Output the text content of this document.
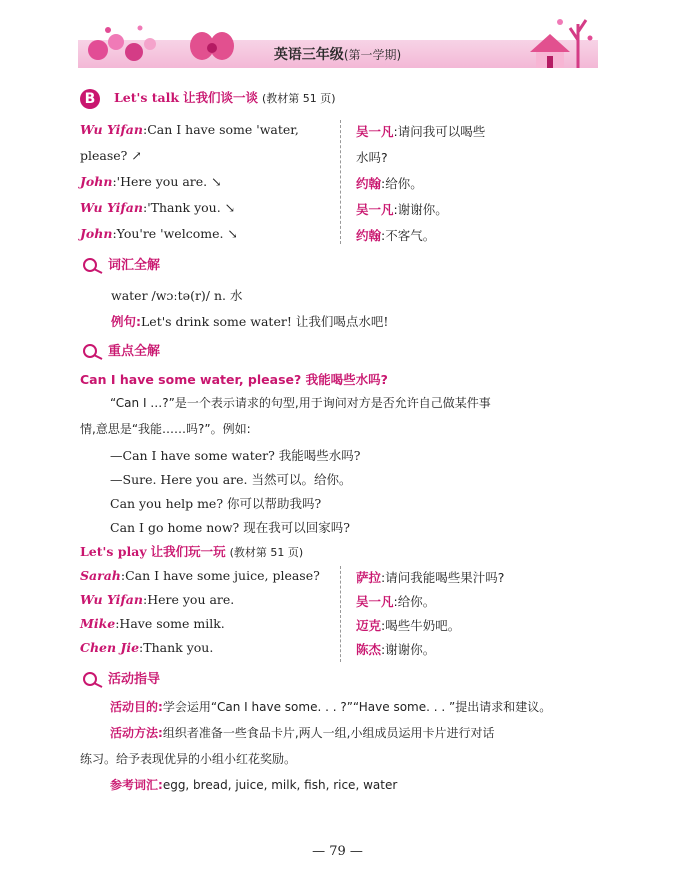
英语三年级(第一学期)
B Let's talk 让我们谈一谈 (教材第 51 页)
Wu Yifan:Can I have some 'water,
please? ↗
John:'Here you are. ↘
Wu Yifan:'Thank you. ↘
John:You're 'welcome. ↘
吴一凡:请问我可以喝些
水吗?
约翰:给你。
吴一凡:谢谢你。
约翰:不客气。
词汇全解
water /wɔːtə(r)/ n. 水
例句:Let's drink some water! 让我们喝点水吧!
重点全解
Can I have some water, please? 我能喝些水吗?
“Can I …?”是一个表示请求的句型,用于询问对方是否允许自己做某件事
情,意思是“我能……吗?”。例如:
—Can I have some water? 我能喝些水吗?
—Sure. Here you are. 当然可以。给你。
Can you help me? 你可以帮助我吗?
Can I go home now? 现在我可以回家吗?
Let's play 让我们玩一玩 (教材第 51 页)
Sarah:Can I have some juice, please?
Wu Yifan:Here you are.
Mike:Have some milk.
Chen Jie:Thank you.
萨拉:请问我能喝些果汁吗?
吴一凡:给你。
迈克:喝些牛奶吧。
陈杰:谢谢你。
活动指导
活动目的:学会运用“Can I have some. . . ?”“Have some. . . ”提出请求和建议。
活动方法:组织者准备一些食品卡片,两人一组,小组成员运用卡片进行对话
练习。给予表现优异的小组小红花奖励。
参考词汇:egg, bread, juice, milk, fish, rice, water
— 79 —
